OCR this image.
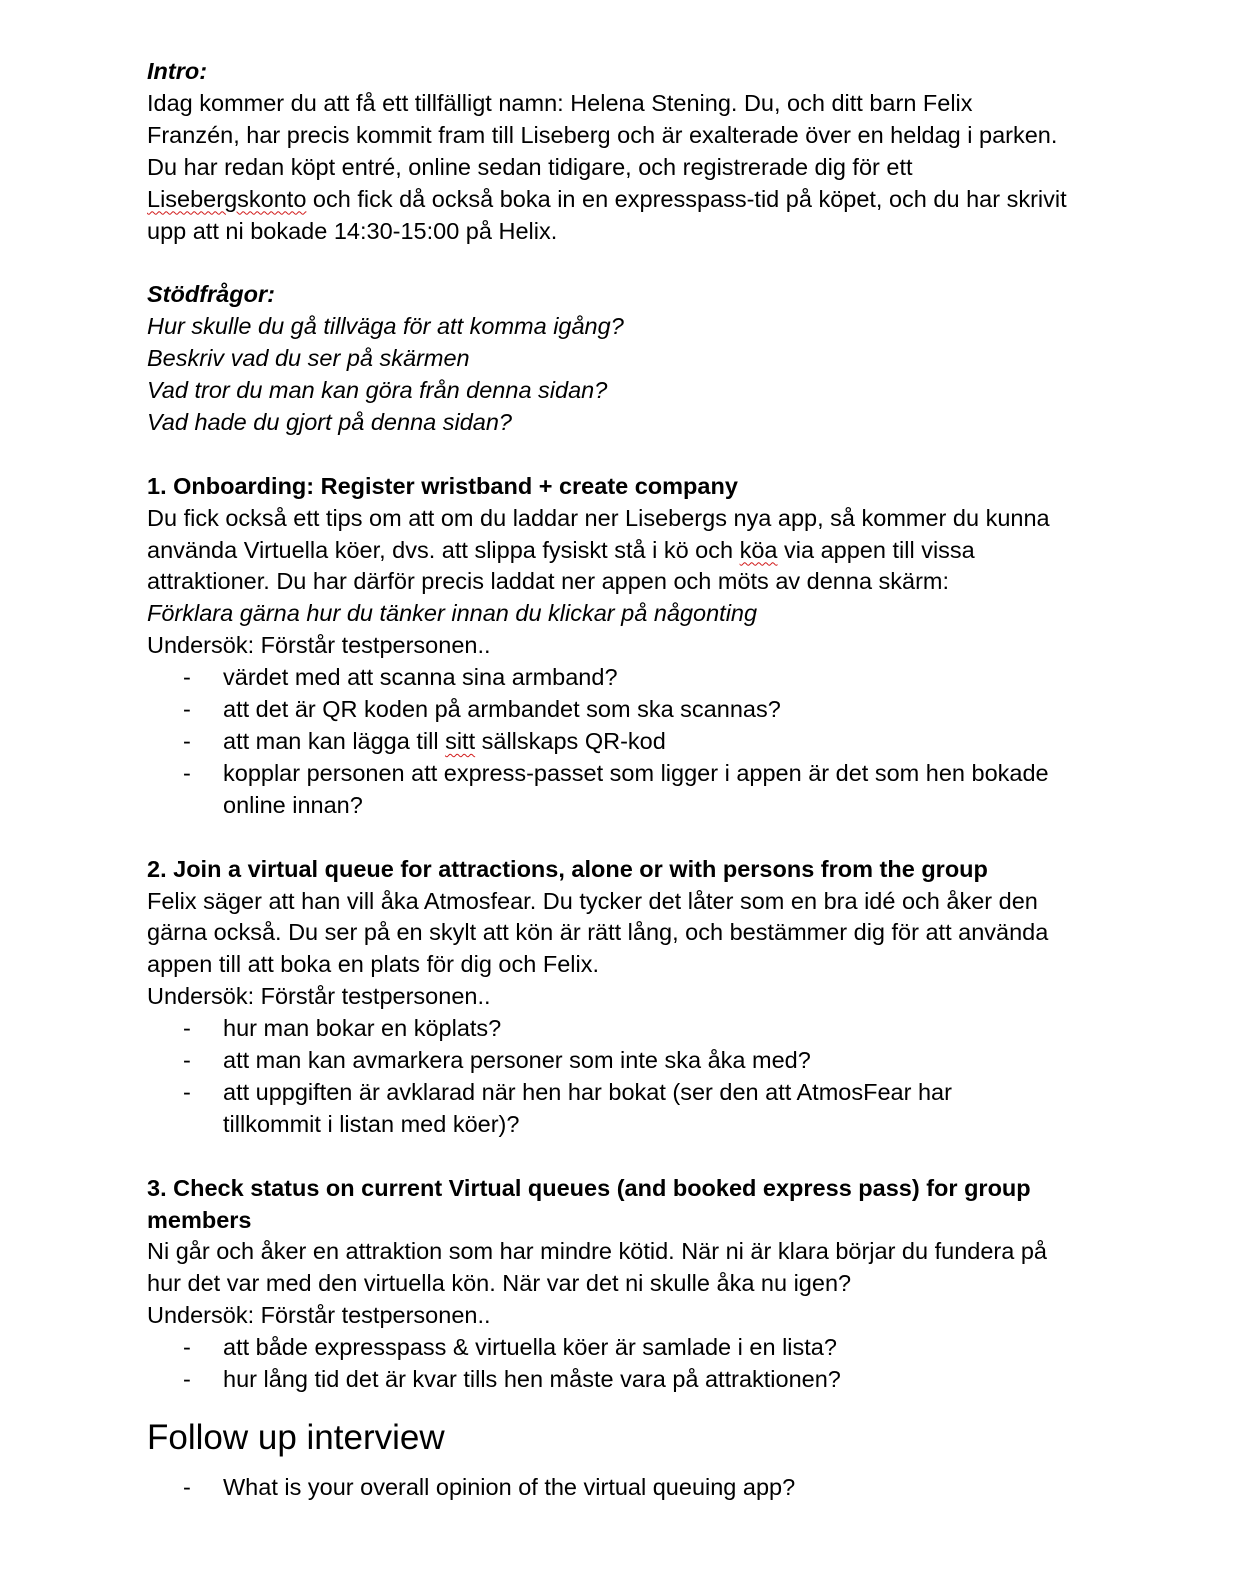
Intro:
Idag kommer du att få ett tillfälligt namn: Helena Stening. Du, och ditt barn Felix
Franzén, har precis kommit fram till Liseberg och är exalterade över en heldag i parken.
Du har redan köpt entré, online sedan tidigare, och registrerade dig för ett
Lisebergskonto och fick då också boka in en expresspass-tid på köpet, och du har skrivit
upp att ni bokade 14:30-15:00 på Helix.
Stödfrågor:
Hur skulle du gå tillväga för att komma igång?
Beskriv vad du ser på skärmen
Vad tror du man kan göra från denna sidan?
Vad hade du gjort på denna sidan?
1. Onboarding: Register wristband + create company
Du fick också ett tips om att om du laddar ner Lisebergs nya app, så kommer du kunna
använda Virtuella köer, dvs. att slippa fysiskt stå i kö och köa via appen till vissa
attraktioner. Du har därför precis laddat ner appen och möts av denna skärm:
Förklara gärna hur du tänker innan du klickar på någonting
Undersök: Förstår testpersonen..
- värdet med att scanna sina armband?
- att det är QR koden på armbandet som ska scannas?
- att man kan lägga till sitt sällskaps QR-kod
- kopplar personen att express-passet som ligger i appen är det som hen bokade online innan?
2. Join a virtual queue for attractions, alone or with persons from the group
Felix säger att han vill åka Atmosfear. Du tycker det låter som en bra idé och åker den
gärna också. Du ser på en skylt att kön är rätt lång, och bestämmer dig för att använda
appen till att boka en plats för dig och Felix.
Undersök: Förstår testpersonen..
- hur man bokar en köplats?
- att man kan avmarkera personer som inte ska åka med?
- att uppgiften är avklarad när hen har bokat (ser den att AtmosFear har tillkommit i listan med köer)?
3. Check status on current Virtual queues (and booked express pass) for group
members
Ni går och åker en attraktion som har mindre kötid. När ni är klara börjar du fundera på
hur det var med den virtuella kön. När var det ni skulle åka nu igen?
Undersök: Förstår testpersonen..
- att både expresspass & virtuella köer är samlade i en lista?
- hur lång tid det är kvar tills hen måste vara på attraktionen?
Follow up interview
- What is your overall opinion of the virtual queuing app?
